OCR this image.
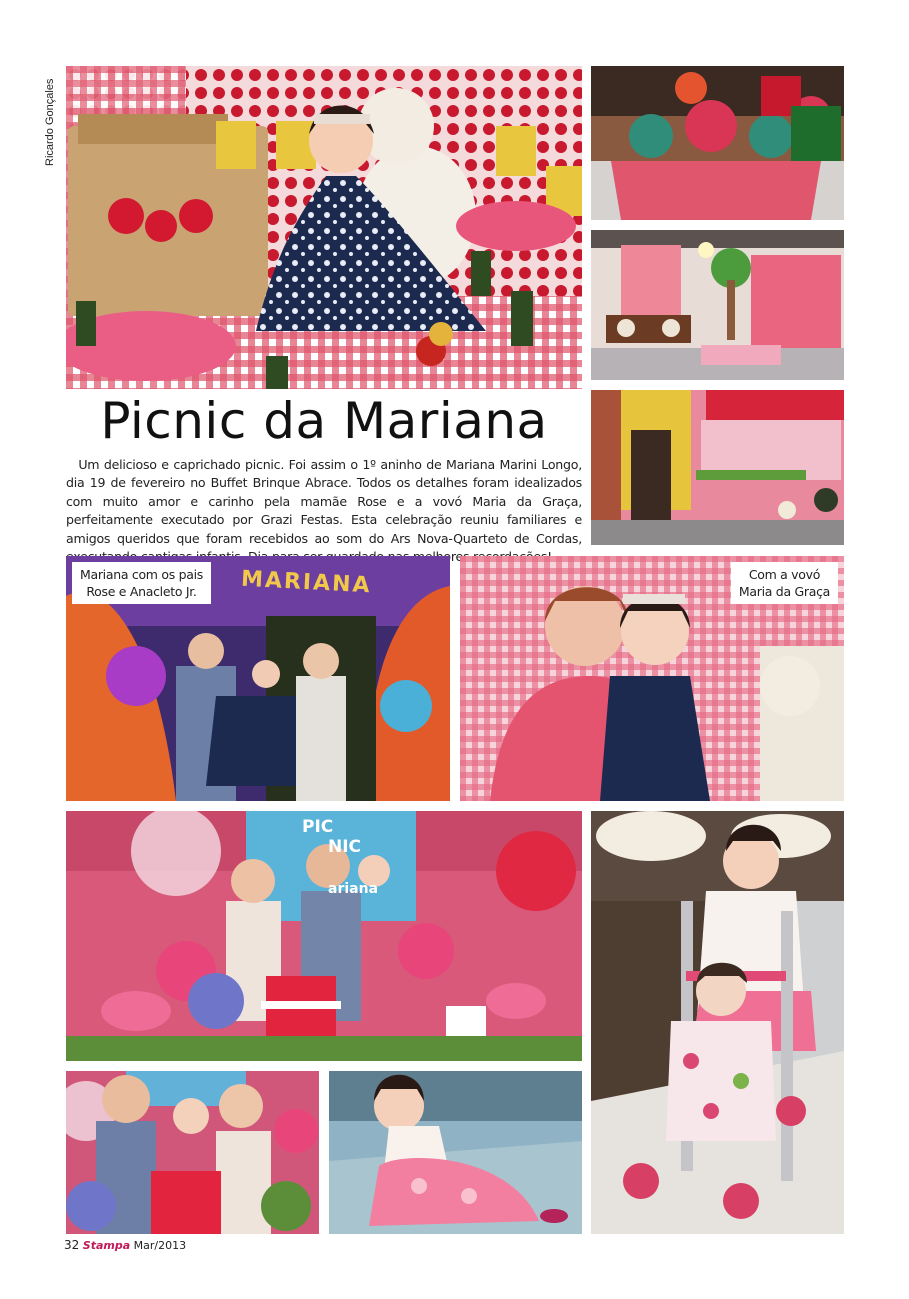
Ricardo Gonçales
Picnic da Mariana
 Um delicioso e caprichado picnic. Foi assim o 1º aninho de Mariana Marini Longo, dia 19 de fevereiro no Buffet Brinque Abrace. Todos os detalhes foram idealizados com muito amor e carinho pela mamãe Rose e a vovó Maria da Graça, perfeitamente executado por Grazi Festas. Esta celebração reuniu familiares e amigos queridos que foram recebidos ao som do Ars Nova-Quarteto de Cordas,
Mariana com os pais
Rose e Anacleto Jr. MARIANA	Com a vovó
Maria da Graça
PIC
NIC
ariana
32 Stampa Mar/2013
